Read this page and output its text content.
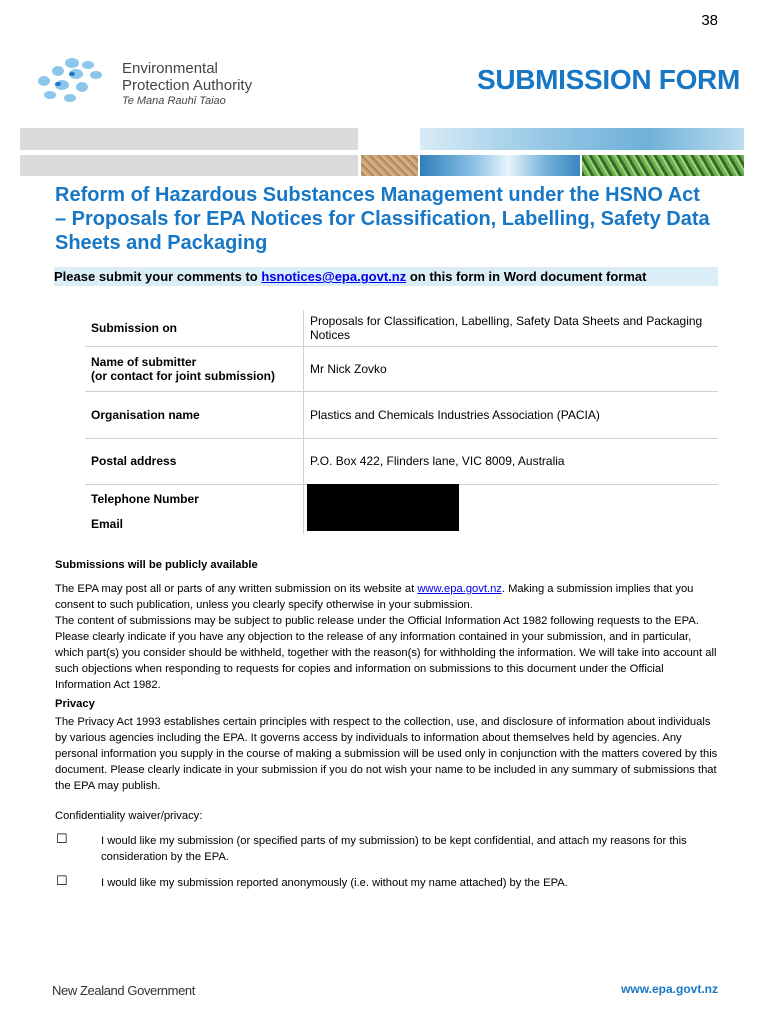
38
Environmental
Protection Authority
Te Mana Rauhī Taiao
SUBMISSION FORM
Reform of Hazardous Substances Management under the HSNO Act – Proposals for EPA Notices for Classification, Labelling, Safety Data Sheets and Packaging
Please submit your comments to hsnotices@epa.govt.nz on this form in Word document format
Submission on	Proposals for Classification, Labelling, Safety Data Sheets and Packaging Notices

Name of submitter
(or contact for joint submission)	Mr Nick Zovko
Organisation name	Plastics and Chemicals Industries Association (PACIA)
Postal address	P.O. Box 422, Flinders lane, VIC 8009, Australia
Telephone Number	
Email	
Submissions will be publicly available
The EPA may post all or parts of any written submission on its website at www.epa.govt.nz. Making a submission implies that you consent to such publication, unless you clearly specify otherwise in your submission.
The content of submissions may be subject to public release under the Official Information Act 1982 following requests to the EPA. Please clearly indicate if you have any objection to the release of any information contained in your submission, and in particular, which part(s) you consider should be withheld, together with the reason(s) for withholding the information. We will take into account all such objections when responding to requests for copies and information on submissions to this document under the Official Information Act 1982.
Privacy
The Privacy Act 1993 establishes certain principles with respect to the collection, use, and disclosure of information about individuals by various agencies including the EPA. It governs access by individuals to information about themselves held by agencies. Any personal information you supply in the course of making a submission will be used only in conjunction with the matters covered by this document. Please clearly indicate in your submission if you do not wish your name to be included in any summary of submissions that the EPA may publish.
Confidentiality waiver/privacy:
☐	I would like my submission (or specified parts of my submission) to be kept confidential, and attach my reasons for this consideration by the EPA.
☐	I would like my submission reported anonymously (i.e. without my name attached) by the EPA.
New Zealand Government	www.epa.govt.nz
